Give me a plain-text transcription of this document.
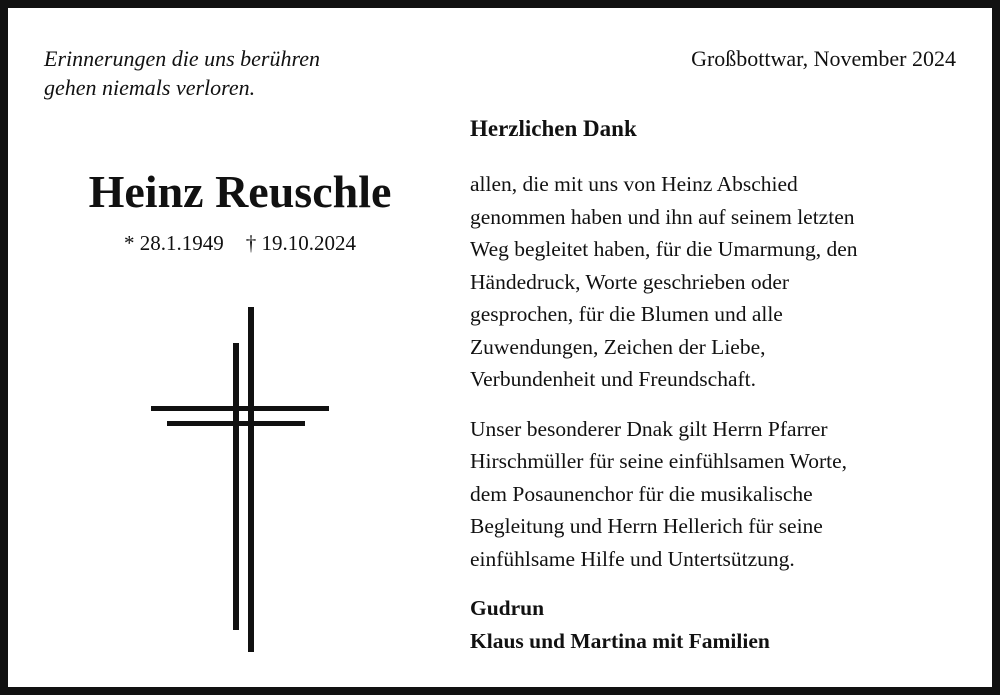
Erinnerungen die uns berühren
gehen niemals verloren.
Großbottwar, November 2024
Heinz Reuschle
* 28.1.1949 † 19.10.2024
Herzlichen Dank
allen, die mit uns von Heinz Abschied
genommen haben und ihn auf seinem letzten
Weg begleitet haben, für die Umarmung, den
Händedruck, Worte geschrieben oder
gesprochen, für die Blumen und alle
Zuwendungen, Zeichen der Liebe,
Verbundenheit und Freundschaft.
Unser besonderer Dnak gilt Herrn Pfarrer
Hirschmüller für seine einfühlsamen Worte,
dem Posaunenchor für die musikalische
Begleitung und Herrn Hellerich für seine
einfühlsame Hilfe und Untertsützung.
Gudrun
Klaus und Martina mit Familien
